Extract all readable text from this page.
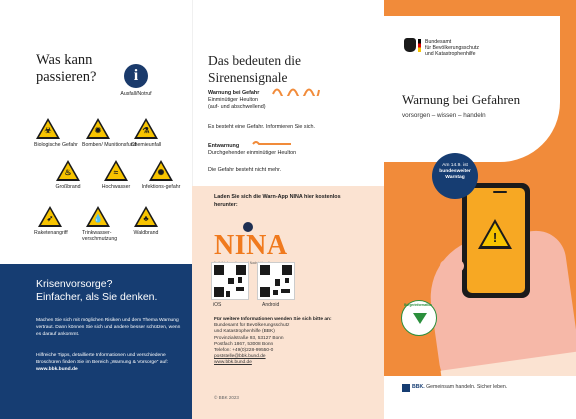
Was kann
passieren?	i
Ausfall/Notruf
☣
Biologische Gefahr
✹
Bomben/ Munitionsfund
⚗
Chemieunfall
♨
Großbrand
≈
Hochwasser
✺
Infektions-gefahr
➶
Raketenangriff
💧
Trinkwasser-verschmutzung
♣
Waldbrand
Krisenvorsorge?
Einfacher, als Sie denken.
Machen Sie sich mit möglichen Risiken und dem Thema Warnung vertraut. Dann können Sie sich und andere besser schützen, wenn es darauf ankommt.
Hilfreiche Tipps, detaillierte Informationen und verschiedene Broschüren finden Sie im Bereich „Warnung & Vorsorge“ auf: www.bbk.bund.de
Das bedeuten die
Sirenensignale
Warnung bei Gefahr
Einminütiger Heulton
(auf- und abschwellend)
Es besteht eine Gefahr. Informieren Sie sich.
Entwarnung
Durchgehender einminütiger Heulton
Die Gefahr besteht nicht mehr.
Laden Sie sich die Warn-App NINA hier kostenlos herunter:
NINA
iOS	Android
Für weitere Informationen wenden Sie sich bitte an:
Bundesamt für Bevölkerungsschutz
und Katastrophenhilfe (BBK)
Provinzialstraße 93, 53127 Bonn
Postfach 1867, 53008 Bonn
Telefon: +49(0)228-99550-0
poststelle@bbk.bund.de
www.bbk.bund.de
© BBK 2023
Bundesamt
für Bevölkerungsschutz
und Katastrophenhilfe
Warnung bei Gefahren
vorsorgen – wissen – handeln
!
Am 14.9. ist
bundesweiter
Warntag
Bürgerinformation
BBK. Gemeinsam handeln. Sicher leben.
